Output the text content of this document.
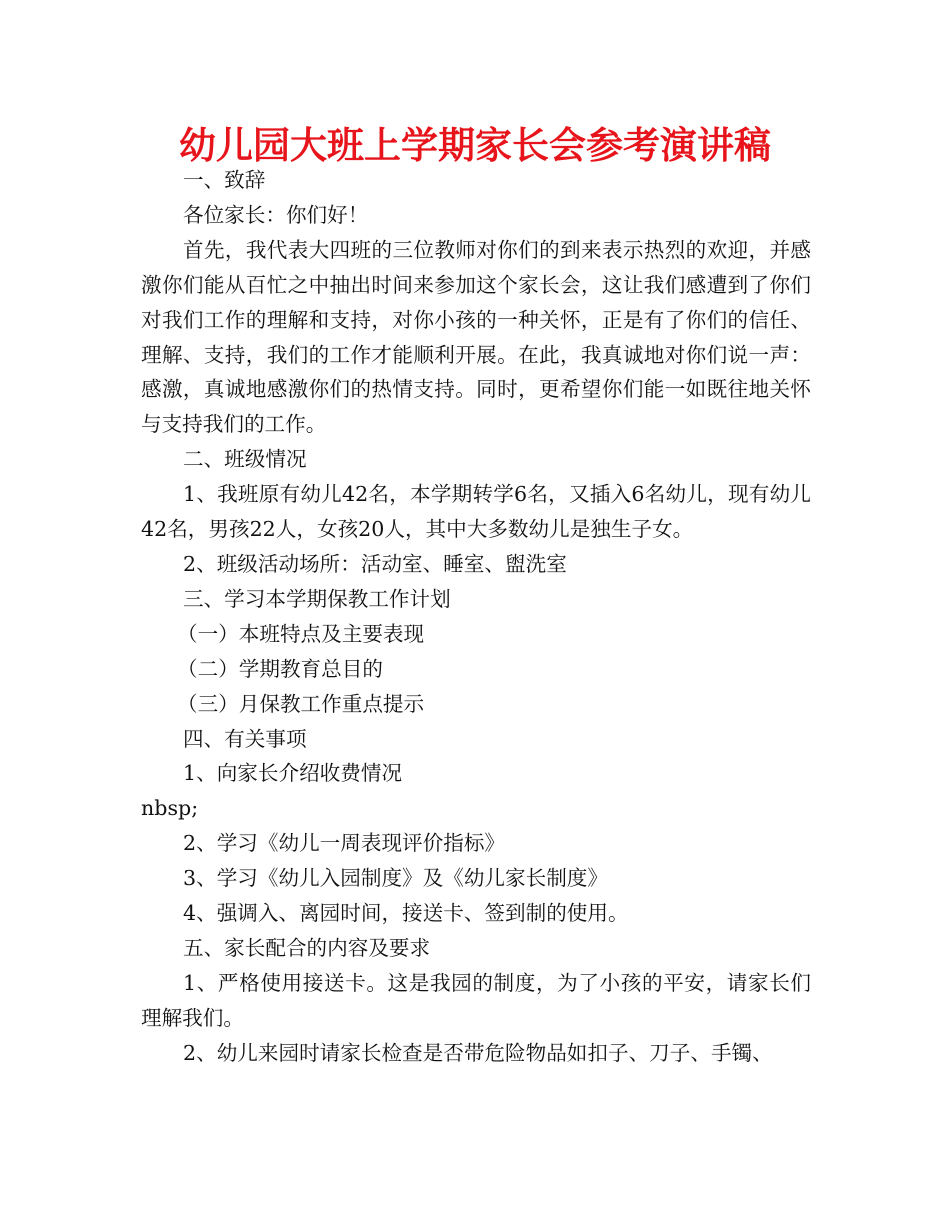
幼儿园大班上学期家长会参考演讲稿

一、致辞

各位家长：你们好！

首先，我代表大四班的三位教师对你们的到来表示热烈的欢迎，并感激你们能从百忙之中抽出时间来参加这个家长会，这让我们感遭到了你们对我们工作的理解和支持，对你小孩的一种关怀，正是有了你们的信任、理解、支持，我们的工作才能顺利开展。在此，我真诚地对你们说一声：感激，真诚地感激你们的热情支持。同时，更希望你们能一如既往地关怀与支持我们的工作。

二、班级情况

1、我班原有幼儿42名，本学期转学6名，又插入6名幼儿，现有幼儿42名，男孩22人，女孩20人，其中大多数幼儿是独生子女。

2、班级活动场所：活动室、睡室、盥洗室

三、学习本学期保教工作计划

（一）本班特点及主要表现

（二）学期教育总目的

（三）月保教工作重点提示

四、有关事项

1、向家长介绍收费情况

nbsp;

2、学习《幼儿一周表现评价指标》

3、学习《幼儿入园制度》及《幼儿家长制度》

4、强调入、离园时间，接送卡、签到制的使用。

五、家长配合的内容及要求

1、严格使用接送卡。这是我园的制度，为了小孩的平安，请家长们理解我们。

2、幼儿来园时请家长检查是否带危险物品如扣子、刀子、手镯、
